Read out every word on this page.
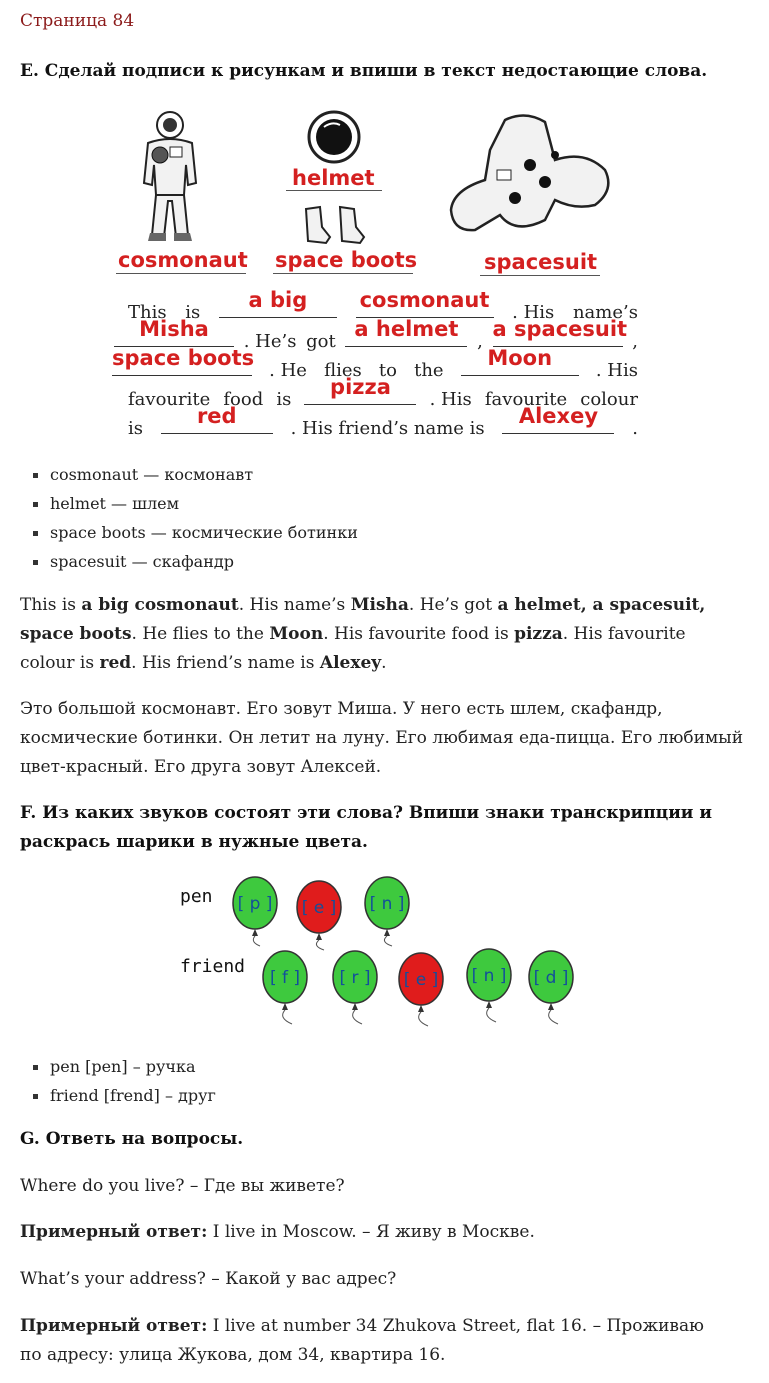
Страница 84
E. Сделай подписи к рисункам и впиши в текст недостающие слова.
helmet
cosmonaut space boots	spacesuit
This is
a big	cosmonaut
. His name’s
Misha
. He’s got
a helmet
,
a spacesuit
,
space boots
. He flies to the
Moon
. His
favourite food is
pizza
. His favourite colour
is
red
. His friend’s name is
Alexey
.
cosmonaut — космонавт
helmet — шлем
space boots — космические ботинки
spacesuit — скафандр
This is a big cosmonaut. His name’s Misha. He’s got a helmet, a spacesuit, space boots. He flies to the Moon. His favourite food is pizza. His favourite colour is red. His friend’s name is Alexey.
Это большой космонавт. Его зовут Миша. У него есть шлем, скафандр, космические ботинки. Он летит на луну. Его любимая еда-пицца. Его любимый цвет-красный. Его друга зовут Алексей.
F. Из каких звуков состоят эти слова? Впиши знаки транскрипции и раскрась шарики в нужные цвета.
pen
friend
[ p ] [ e ] [ n ]
[ f ] [ r ] [ e ] [ n ] [ d ]
pen [pen] – ручка
friend [frend] – друг
G. Ответь на вопросы.
Where do you live? – Где вы живете?
Примерный ответ: I live in Moscow. – Я живу в Москве.
What’s your address? – Какой у вас адрес?
Примерный ответ: I live at number 34 Zhukova Street, flat 16. – Проживаю по адресу: улица Жукова, дом 34, квартира 16.
